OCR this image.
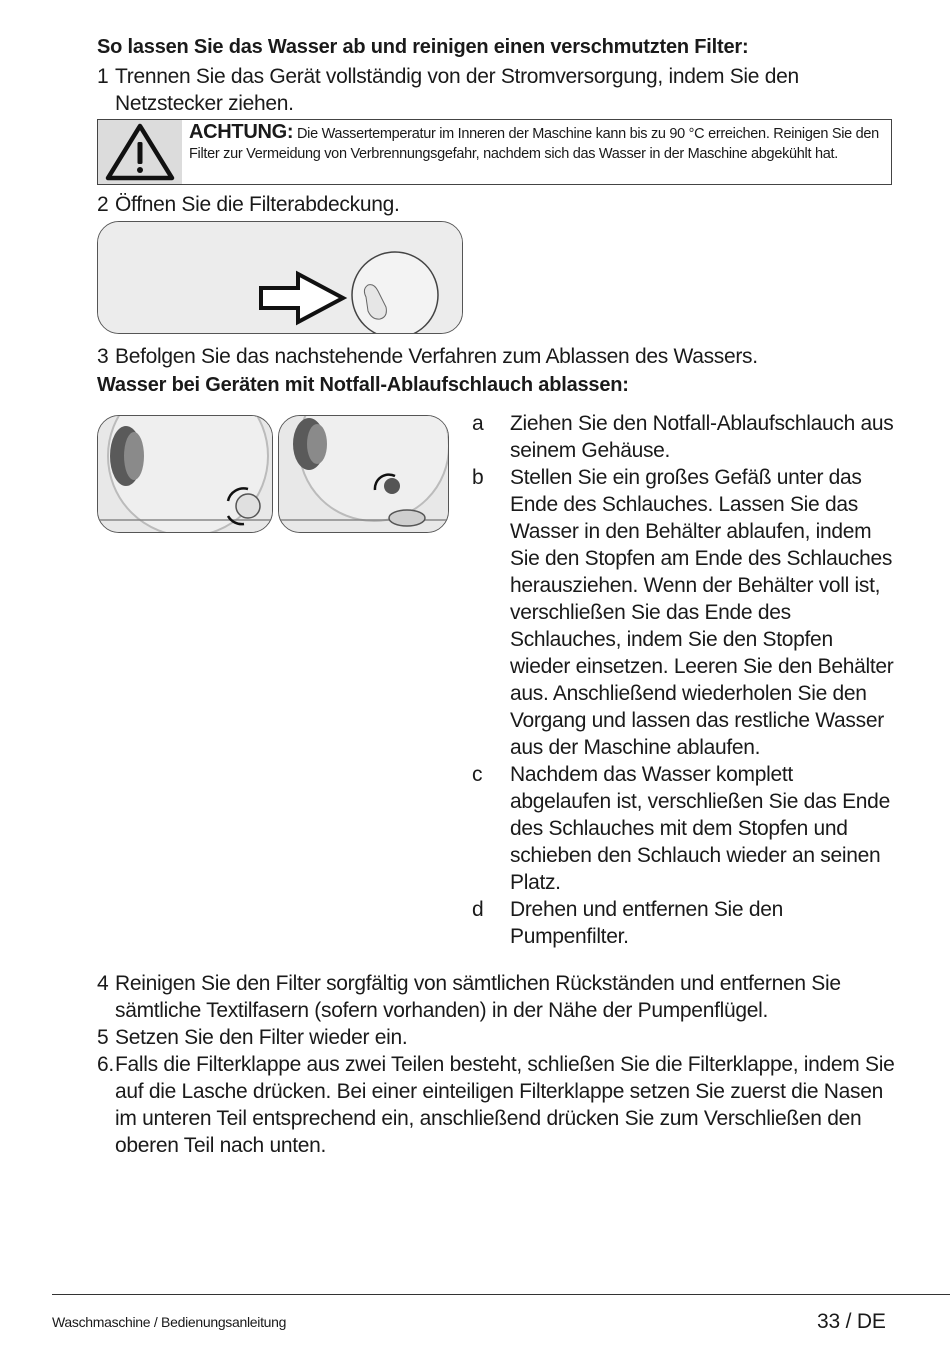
So lassen Sie das Wasser ab und reinigen einen verschmutzten Filter:
1 Trennen Sie das Gerät vollständig von der Stromversorgung, indem Sie den Netzstecker ziehen.
ACHTUNG: Die Wassertemperatur im Inneren der Maschine kann bis zu 90 °C erreichen. Reinigen Sie den Filter zur Vermeidung von Verbrennungsgefahr, nachdem sich das Wasser in der Maschine abgekühlt hat.
2 Öffnen Sie die Filterabdeckung.
3 Befolgen Sie das nachstehende Verfahren zum Ablassen des Wassers.
Wasser bei Geräten mit Notfall-Ablaufschlauch ablassen:
a	Ziehen Sie den Notfall-Ablaufschlauch aus seinem Gehäuse.
b	Stellen Sie ein großes Gefäß unter das Ende des Schlauches. Lassen Sie das Wasser in den Behälter ablaufen, indem Sie den Stopfen am Ende des Schlauches herausziehen. Wenn der Behälter voll ist, verschließen Sie das Ende des Schlauches, indem Sie den Stopfen wieder einsetzen. Leeren Sie den Behälter aus. Anschließend wiederholen Sie den Vorgang und lassen das restliche Wasser aus der Maschine ablaufen.
c	Nachdem das Wasser komplett abgelaufen ist, verschließen Sie das Ende des Schlauches mit dem Stopfen und schieben den Schlauch wieder an seinen Platz.
d	Drehen und entfernen Sie den Pumpenfilter.
4 Reinigen Sie den Filter sorgfältig von sämtlichen Rückständen und entfernen Sie sämtliche Textilfasern (sofern vorhanden) in der Nähe der Pumpenflügel.
5 Setzen Sie den Filter wieder ein.
6. Falls die Filterklappe aus zwei Teilen besteht, schließen Sie die Filterklappe, indem Sie auf die Lasche drücken. Bei einer einteiligen Filterklappe setzen Sie zuerst die Nasen im unteren Teil entsprechend ein, anschließend drücken Sie zum Verschließen den oberen Teil nach unten.
Waschmaschine / Bedienungsanleitung	33 / DE
